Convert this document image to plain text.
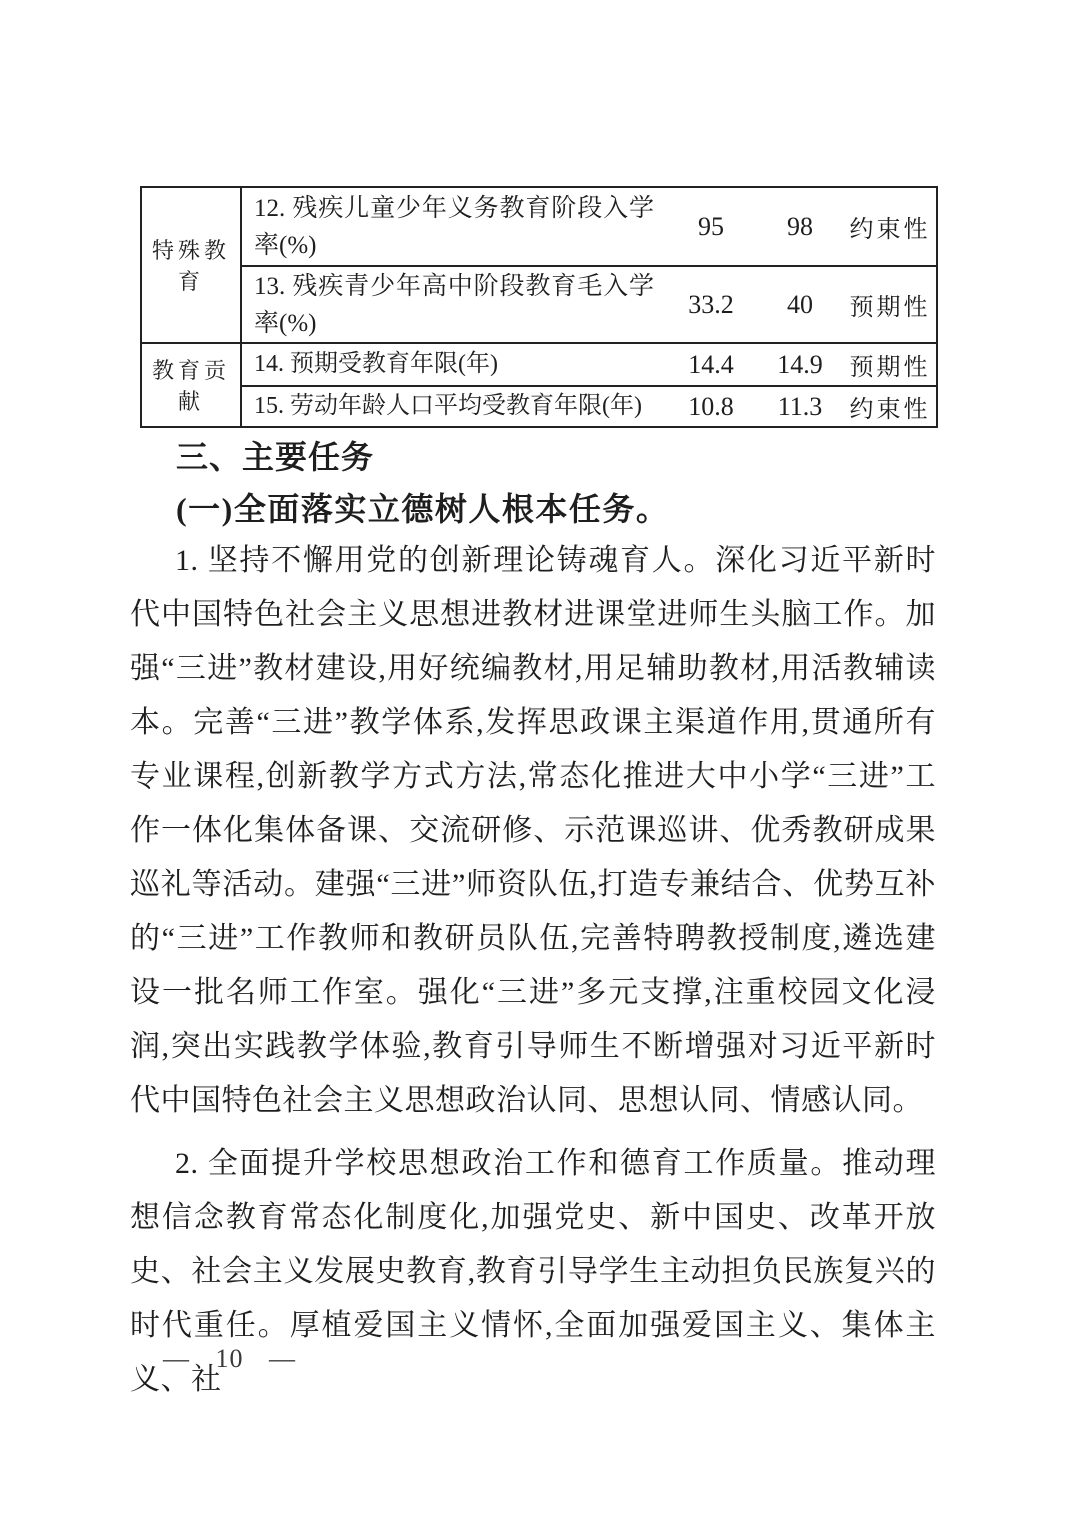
特殊教育	12. 残疾儿童少年义务教育阶段入学率(%)	95	98	约束性
	13. 残疾青少年高中阶段教育毛入学率(%)	33.2	40	预期性
教育贡献	14. 预期受教育年限(年)	14.4	14.9	预期性
	15. 劳动年龄人口平均受教育年限(年)	10.8	11.3	约束性
三、主要任务
(一)全面落实立德树人根本任务。
1. 坚持不懈用党的创新理论铸魂育人。深化习近平新时代中国特色社会主义思想进教材进课堂进师生头脑工作。加强“三进”教材建设,用好统编教材,用足辅助教材,用活教辅读本。完善“三进”教学体系,发挥思政课主渠道作用,贯通所有专业课程,创新教学方式方法,常态化推进大中小学“三进”工作一体化集体备课、交流研修、示范课巡讲、优秀教研成果巡礼等活动。建强“三进”师资队伍,打造专兼结合、优势互补的“三进”工作教师和教研员队伍,完善特聘教授制度,遴选建设一批名师工作室。强化“三进”多元支撑,注重校园文化浸润,突出实践教学体验,教育引导师生不断增强对习近平新时代中国特色社会主义思想政治认同、思想认同、情感认同。
2. 全面提升学校思想政治工作和德育工作质量。推动理想信念教育常态化制度化,加强党史、新中国史、改革开放史、社会主义发展史教育,教育引导学生主动担负民族复兴的时代重任。厚植爱国主义情怀,全面加强爱国主义、集体主义、社
— 10 —
